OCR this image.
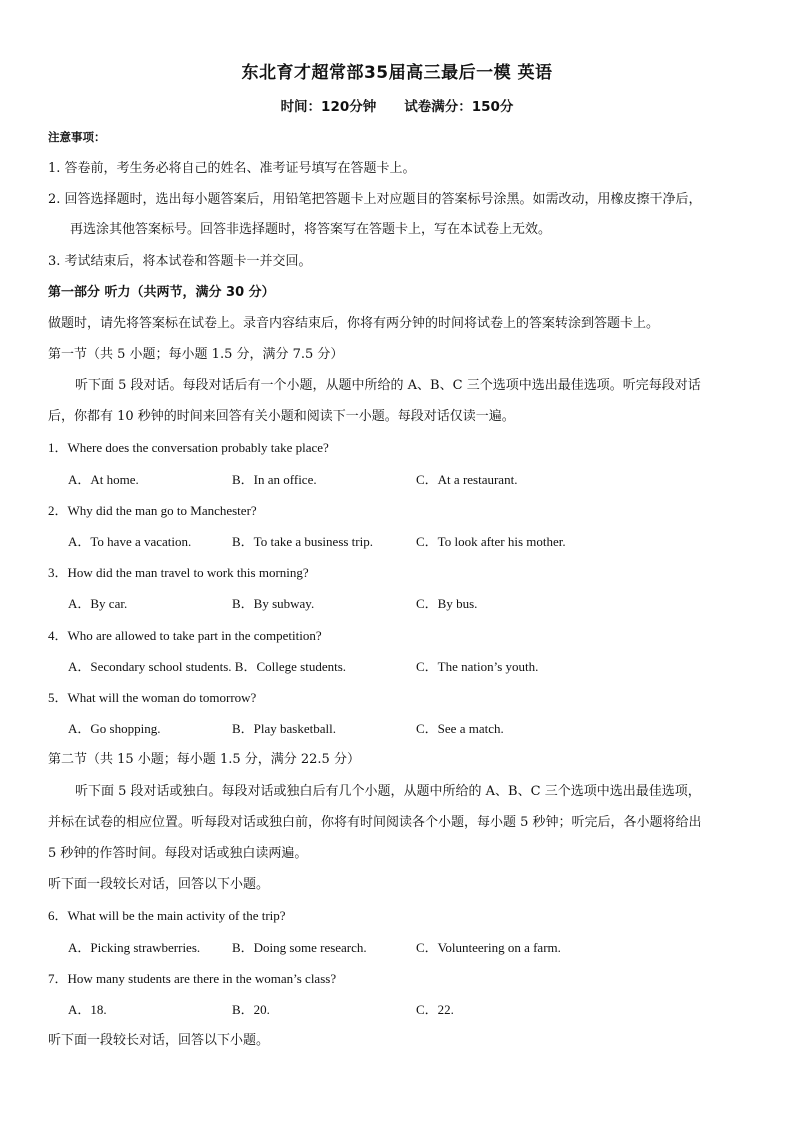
东北育才超常部35届高三最后一模 英语
时间：120分钟 试卷满分：150分
注意事项：
1. 答卷前，考生务必将自己的姓名、准考证号填写在答题卡上。
2. 回答选择题时，选出每小题答案后，用铅笔把答题卡上对应题目的答案标号涂黑。如需改动，用橡皮擦干净后，
再选涂其他答案标号。回答非选择题时，将答案写在答题卡上，写在本试卷上无效。
3. 考试结束后，将本试卷和答题卡一并交回。
第一部分 听力（共两节，满分 30 分）
做题时，请先将答案标在试卷上。录音内容结束后，你将有两分钟的时间将试卷上的答案转涂到答题卡上。
第一节（共 5 小题；每小题 1.5 分，满分 7.5 分）
听下面 5 段对话。每段对话后有一个小题，从题中所给的 A、B、C 三个选项中选出最佳选项。听完每段对话
后，你都有 10 秒钟的时间来回答有关小题和阅读下一小题。每段对话仅读一遍。
1．Where does the conversation probably take place?
A．At home.	B．In an office.	C．At a restaurant.
2．Why did the man go to Manchester?
A．To have a vacation.	B．To take a business trip.	C．To look after his mother.
3．How did the man travel to work this morning?
A．By car.	B．By subway.	C．By bus.
4．Who are allowed to take part in the competition?
A．Secondary school students. B．College students.	C．The nation’s youth.
5．What will the woman do tomorrow?
A．Go shopping.	B．Play basketball.	C．See a match.
第二节（共 15 小题；每小题 1.5 分，满分 22.5 分）
听下面 5 段对话或独白。每段对话或独白后有几个小题，从题中所给的 A、B、C 三个选项中选出最佳选项，
并标在试卷的相应位置。听每段对话或独白前，你将有时间阅读各个小题，每小题 5 秒钟；听完后，各小题将给出
5 秒钟的作答时间。每段对话或独白读两遍。
听下面一段较长对话，回答以下小题。
6．What will be the main activity of the trip?
A．Picking strawberries. B．Doing some research.	C．Volunteering on a farm.
7．How many students are there in the woman’s class?
A．18.	B．20.	C．22.
听下面一段较长对话，回答以下小题。
